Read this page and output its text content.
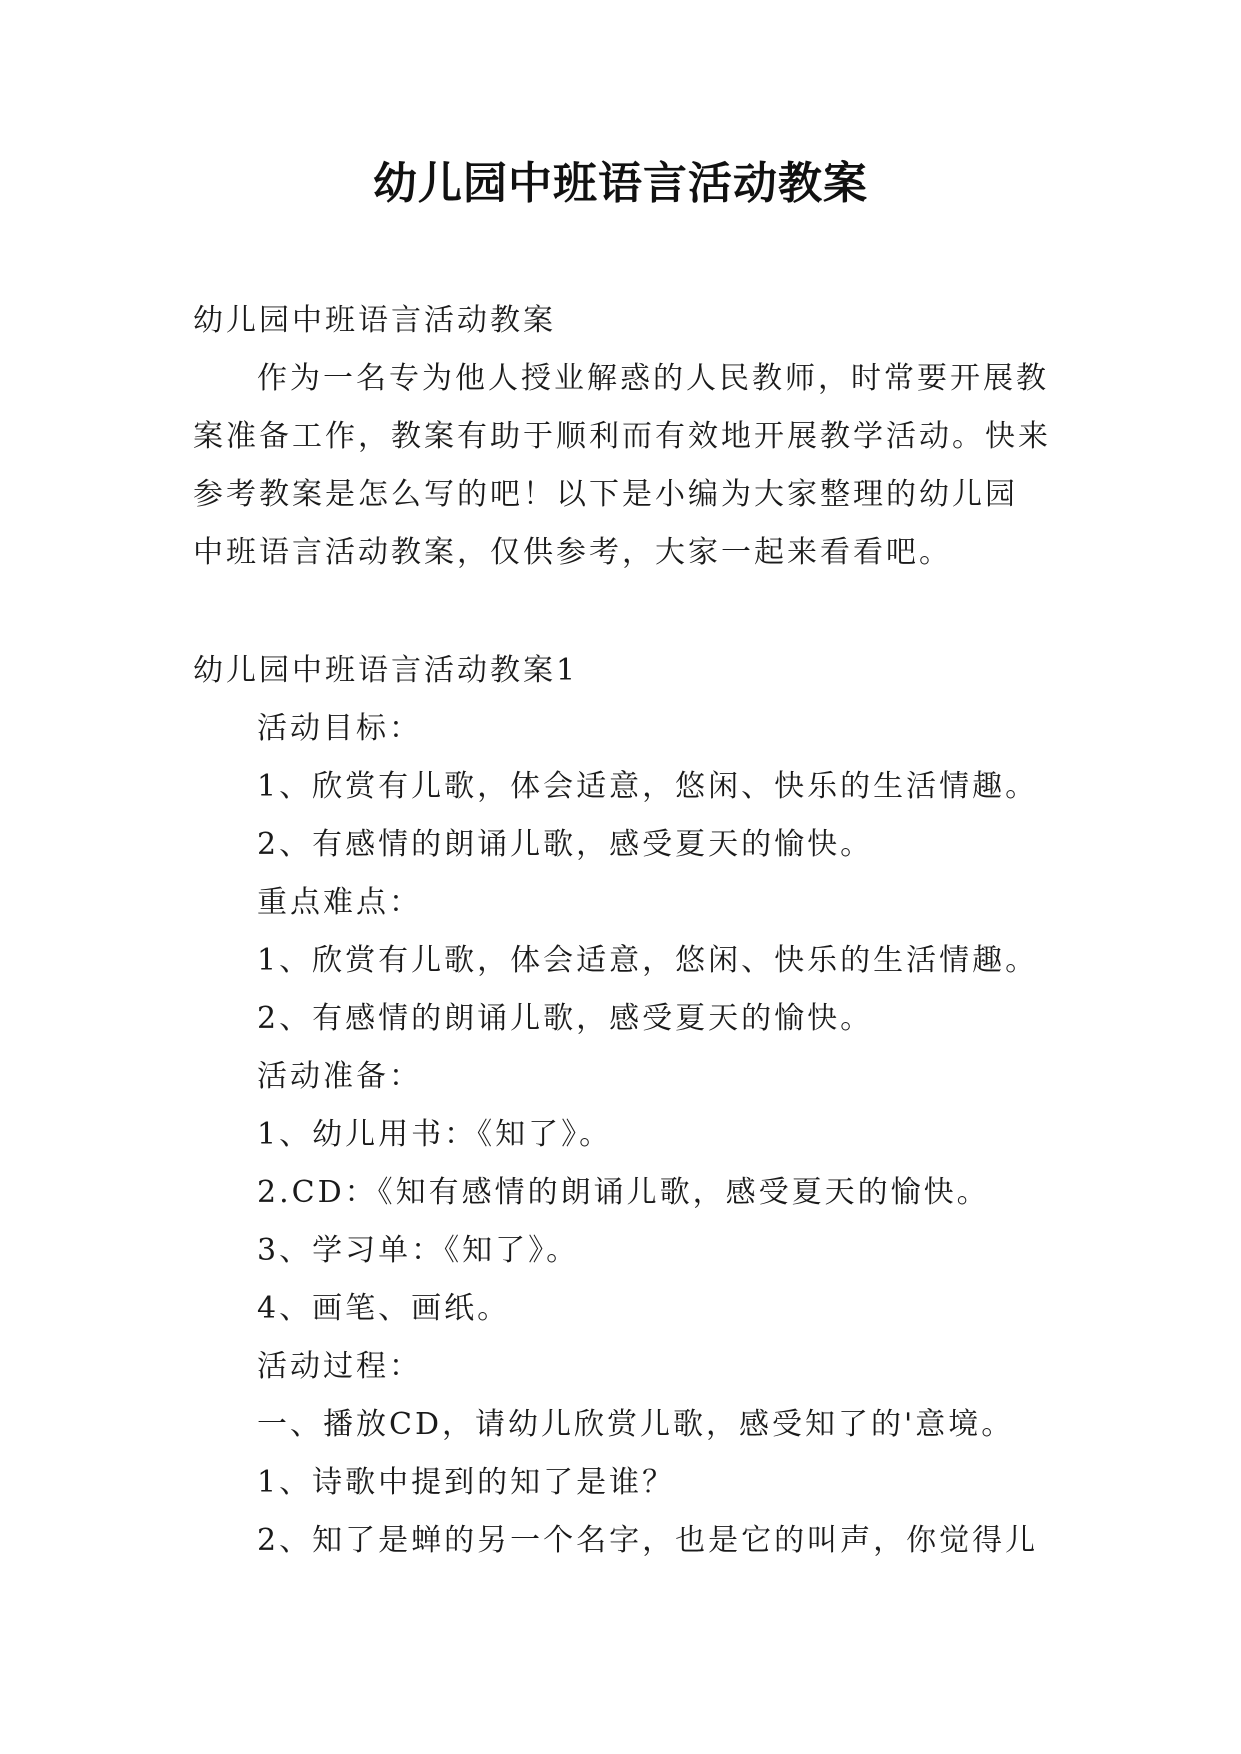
幼儿园中班语言活动教案
幼儿园中班语言活动教案
作为一名专为他人授业解惑的人民教师，时常要开展教
案准备工作，教案有助于顺利而有效地开展教学活动。快来
参考教案是怎么写的吧！以下是小编为大家整理的幼儿园
中班语言活动教案，仅供参考，大家一起来看看吧。
幼儿园中班语言活动教案1
活动目标：
1、欣赏有儿歌，体会适意，悠闲、快乐的生活情趣。
2、有感情的朗诵儿歌，感受夏天的愉快。
重点难点：
1、欣赏有儿歌，体会适意，悠闲、快乐的生活情趣。
2、有感情的朗诵儿歌，感受夏天的愉快。
活动准备：
1、幼儿用书：《知了》。
2.CD：《知有感情的朗诵儿歌，感受夏天的愉快。
3、学习单：《知了》。
4、画笔、画纸。
活动过程：
一、播放CD，请幼儿欣赏儿歌，感受知了的'意境。
1、诗歌中提到的知了是谁？
2、知了是蝉的另一个名字，也是它的叫声，你觉得儿
